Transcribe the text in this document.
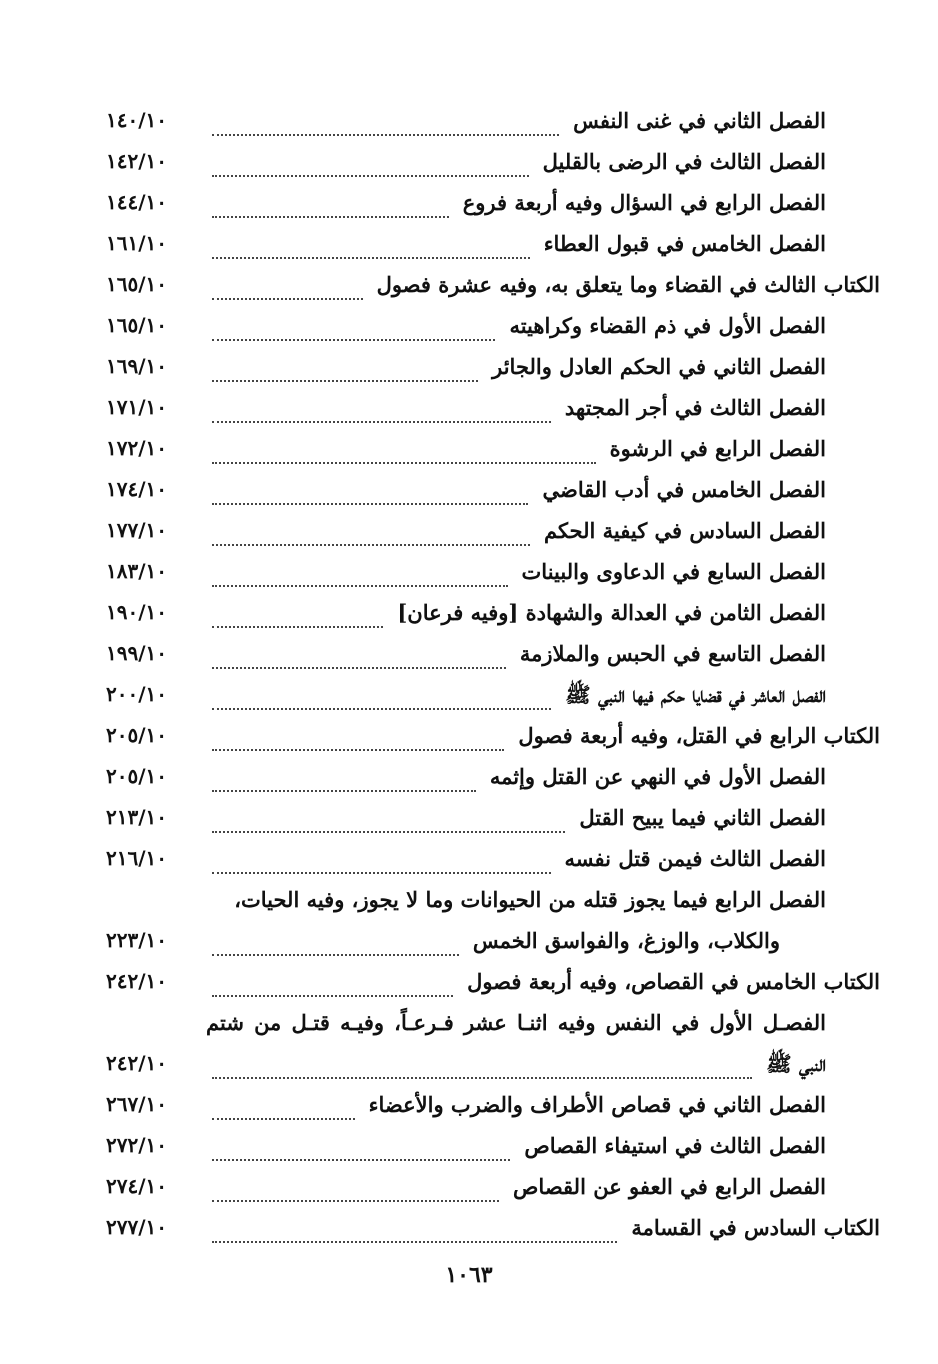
الفصل الثاني في غنى النفس
١٤٠/١٠
الفصل الثالث في الرضى بالقليل
١٤٢/١٠
الفصل الرابع في السؤال وفيه أربعة فروع
١٤٤/١٠
الفصل الخامس في قبول العطاء
١٦١/١٠
الكتاب الثالث في القضاء وما يتعلق به، وفيه عشرة فصول
١٦٥/١٠
الفصل الأول في ذم القضاء وكراهيته
١٦٥/١٠
الفصل الثاني في الحكم العادل والجائر
١٦٩/١٠
الفصل الثالث في أجر المجتهد
١٧١/١٠
الفصل الرابع في الرشوة
١٧٢/١٠
الفصل الخامس في أدب القاضي
١٧٤/١٠
الفصل السادس في كيفية الحكم
١٧٧/١٠
الفصل السابع في الدعاوى والبينات
١٨٣/١٠
الفصل الثامن في العدالة والشهادة [وفيه فرعان]
١٩٠/١٠
الفصل التاسع في الحبس والملازمة
١٩٩/١٠
الفصل العاشر في قضايا حكم فيها النبي ﷺ
٢٠٠/١٠
الكتاب الرابع في القتل، وفيه أربعة فصول
٢٠٥/١٠
الفصل الأول في النهي عن القتل وإثمه
٢٠٥/١٠
الفصل الثاني فيما يبيح القتل
٢١٣/١٠
الفصل الثالث فيمن قتل نفسه
٢١٦/١٠
الفصل الرابع فيما يجوز قتله من الحيوانات وما لا يجوز، وفيه الحيات،
والكلاب، والوزغ، والفواسق الخمس
٢٢٣/١٠
الكتاب الخامس في القصاص، وفيه أربعة فصول
٢٤٢/١٠
الفصـل الأول في النفس وفيه اثنـا عشر فـرعـاً، وفيـه قتـل من شتم
النبي ﷺ
٢٤٢/١٠
الفصل الثاني في قصاص الأطراف والضرب والأعضاء
٢٦٧/١٠
الفصل الثالث في استيفاء القصاص
٢٧٢/١٠
الفصل الرابع في العفو عن القصاص
٢٧٤/١٠
الكتاب السادس في القسامة
٢٧٧/١٠
١٠٦٣
